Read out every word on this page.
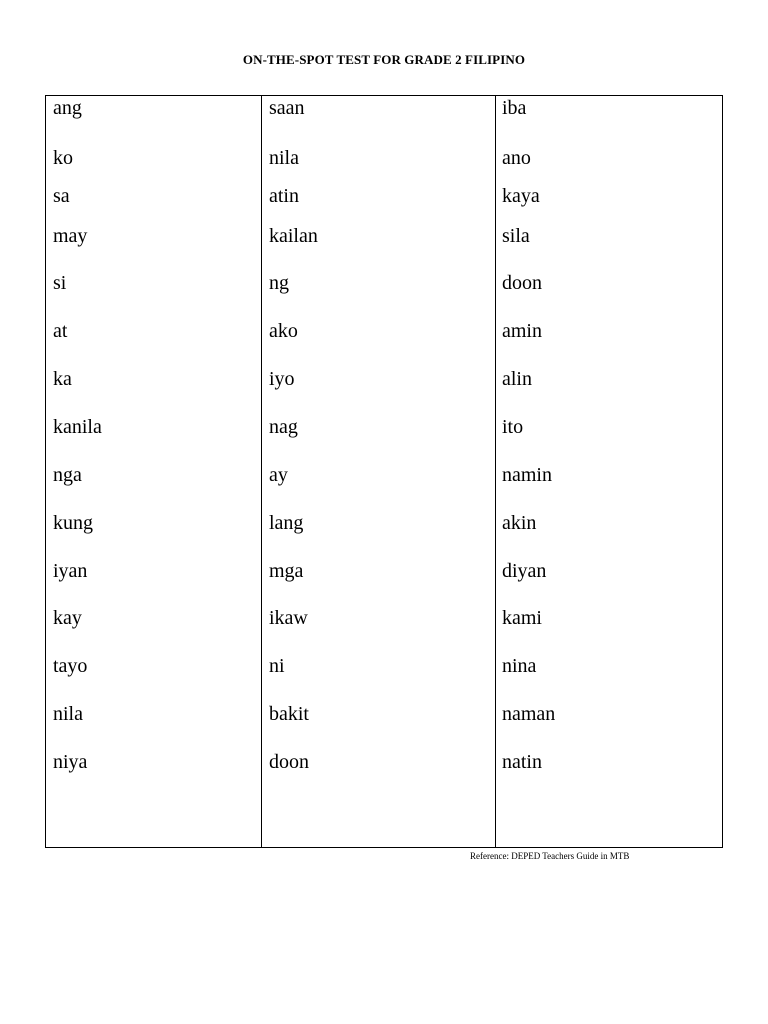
ON-THE-SPOT TEST FOR GRADE 2 FILIPINO
ang
ko
sa
may
si
at
ka
kanila
nga
kung
iyan
kay
tayo
nila
niya
saan
nila
atin
kailan
ng
ako
iyo
nag
ay
lang
mga
ikaw
ni
bakit
doon
iba
ano
kaya
sila
doon
amin
alin
ito
namin
akin
diyan
kami
nina
naman
natin
Reference: DEPED Teachers Guide in MTB
